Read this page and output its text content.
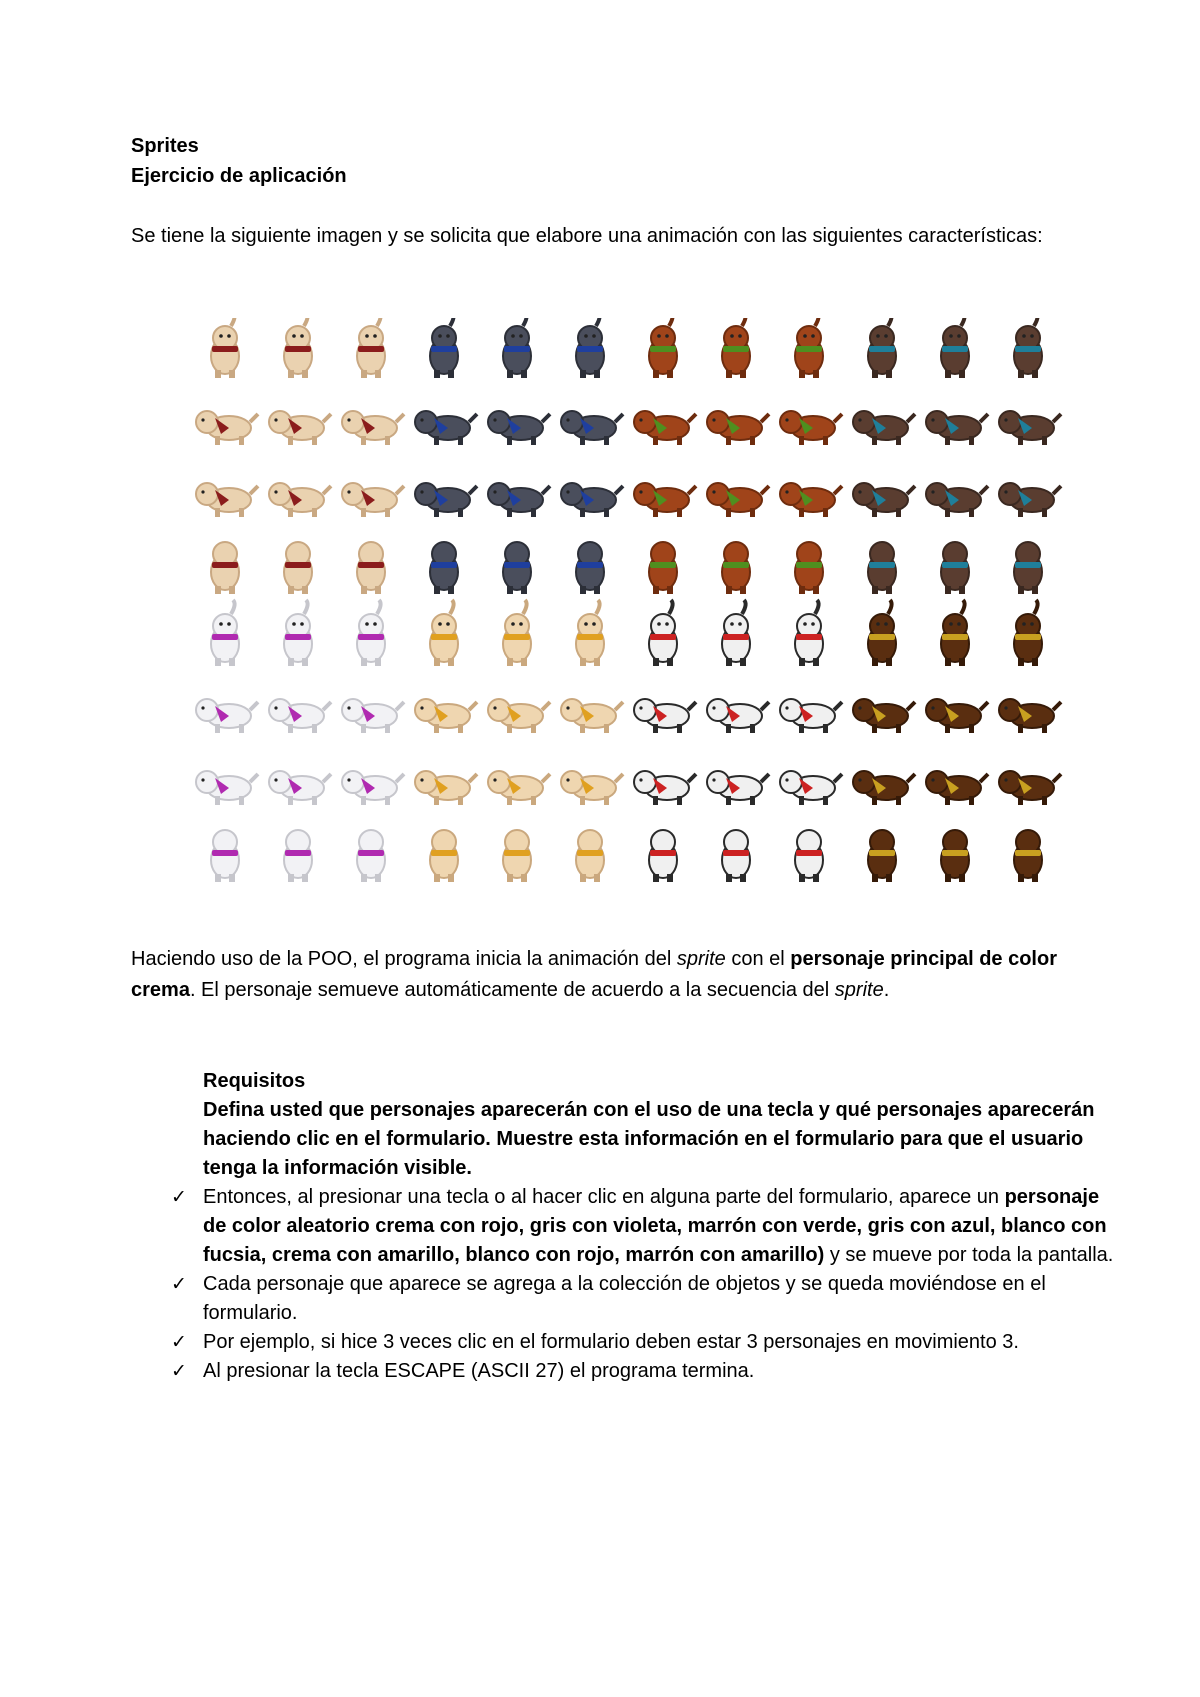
Sprites
Ejercicio de aplicación
Se tiene la siguiente imagen y se solicita que elabore una animación con las siguientes características:
Haciendo uso de la POO, el programa inicia la animación del sprite con el personaje principal de color crema. El personaje semueve automáticamente de acuerdo a la secuencia del sprite.
Requisitos
Defina usted que personajes aparecerán con el uso de una tecla y qué personajes aparecerán haciendo clic en el formulario. Muestre esta información en el formulario para que el usuario tenga la información visible.
✓ Entonces, al presionar una tecla o al hacer clic en alguna parte del formulario, aparece un personaje de color aleatorio crema con rojo, gris con violeta, marrón con verde, gris con azul, blanco con fucsia, crema con amarillo, blanco con rojo, marrón con amarillo) y se mueve por toda la pantalla.
✓ Cada personaje que aparece se agrega a la colección de objetos y se queda moviéndose en el formulario.
✓ Por ejemplo, si hice 3 veces clic en el formulario deben estar 3 personajes en movimiento 3.
✓ Al presionar la tecla ESCAPE (ASCII 27) el programa termina.
